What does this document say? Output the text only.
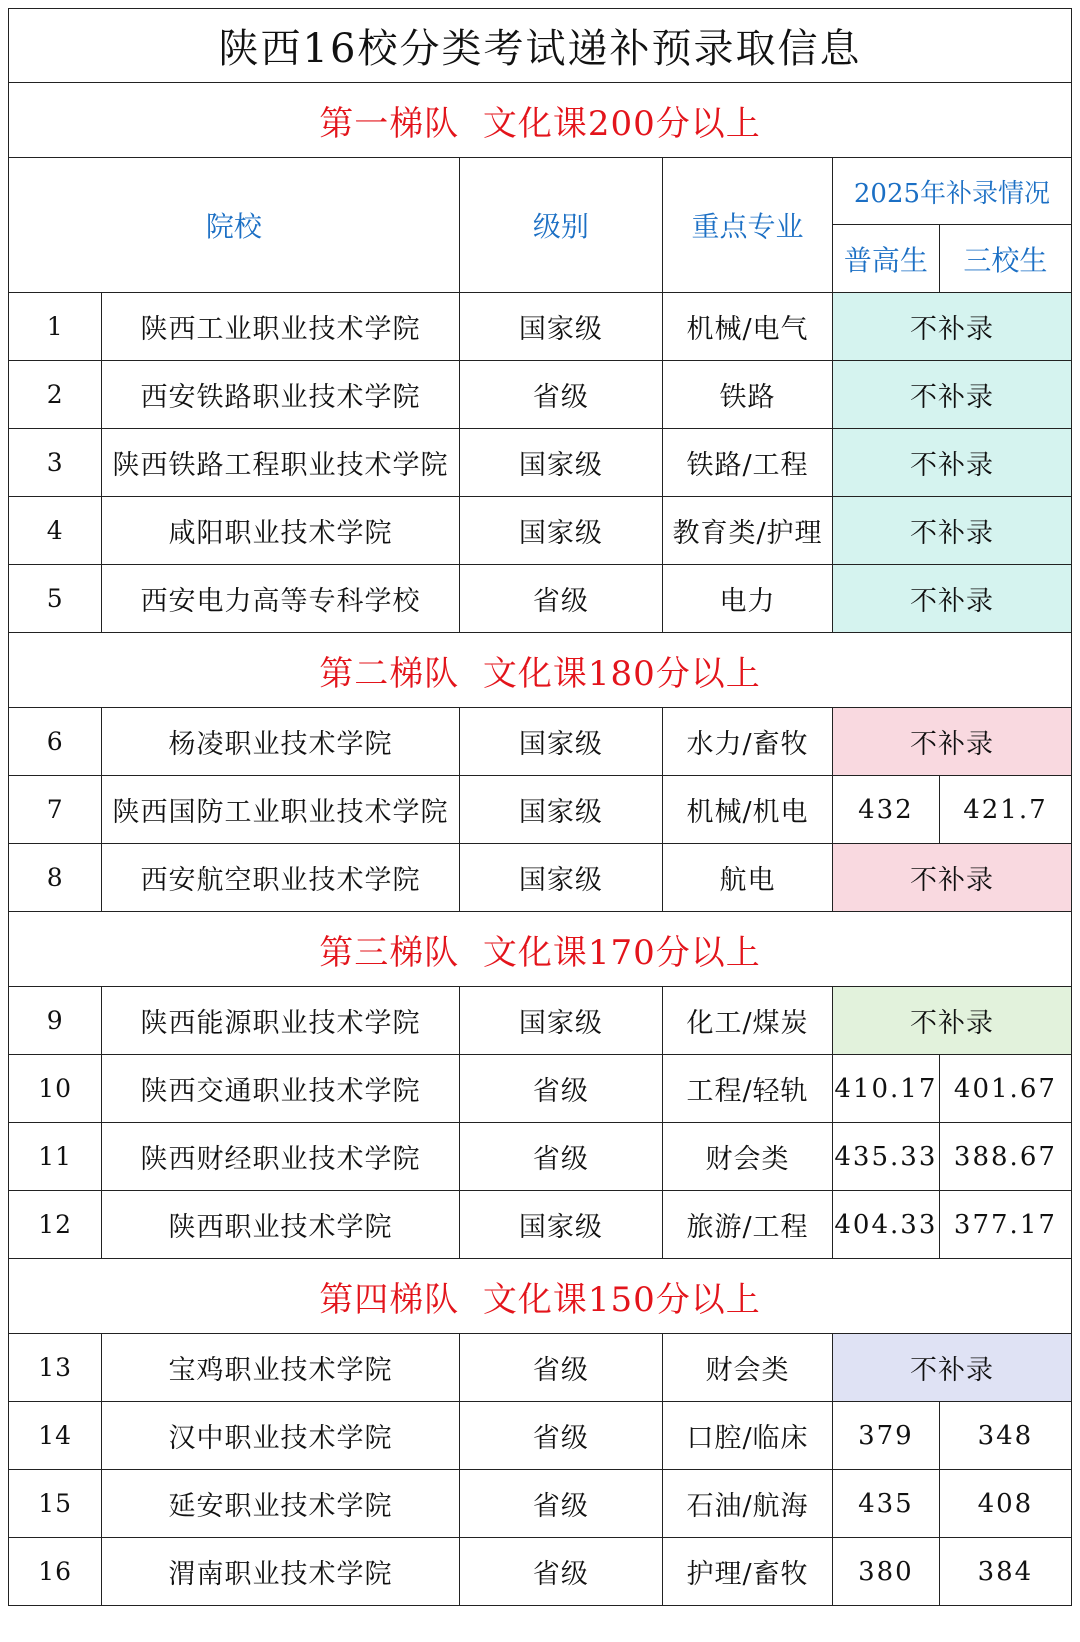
陕西16校分类考试递补预录取信息					
第一梯队 文化课200分以上					
院校		级别	重点专业	2025年补录情况	
				普高生	三校生
1	陕西工业职业技术学院	国家级	机械/电气	不补录	
2	西安铁路职业技术学院	省级	铁路	不补录	
3	陕西铁路工程职业技术学院	国家级	铁路/工程	不补录	
4	咸阳职业技术学院	国家级	教育类/护理	不补录	
5	西安电力高等专科学校	省级	电力	不补录	
第二梯队 文化课180分以上					
6	杨凌职业技术学院	国家级	水力/畜牧	不补录	
7	陕西国防工业职业技术学院	国家级	机械/机电	432	421.7
8	西安航空职业技术学院	国家级	航电	不补录	
第三梯队 文化课170分以上					
9	陕西能源职业技术学院	国家级	化工/煤炭	不补录	
10	陕西交通职业技术学院	省级	工程/轻轨	410.17	401.67
11	陕西财经职业技术学院	省级	财会类	435.33	388.67
12	陕西职业技术学院	国家级	旅游/工程	404.33	377.17
第四梯队 文化课150分以上					
13	宝鸡职业技术学院	省级	财会类	不补录	
14	汉中职业技术学院	省级	口腔/临床	379	348
15	延安职业技术学院	省级	石油/航海	435	408
16	渭南职业技术学院	省级	护理/畜牧	380	384
